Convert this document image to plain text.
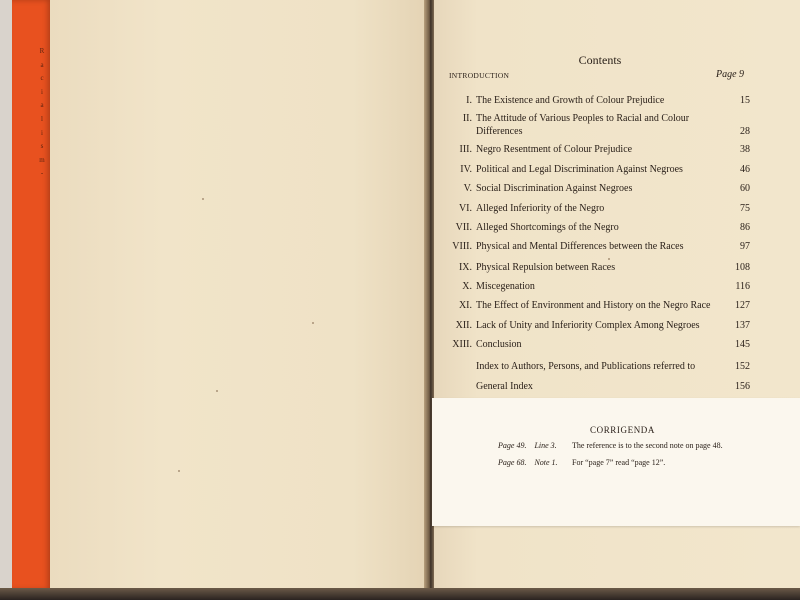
R
a
c
i
a
l
i
s
m
-
Contents
INTRODUCTION	Page 9
I. The Existence and Growth of Colour Prejudice	15
II. The Attitude of Various Peoples to Racial and Colour Differences	28
III. Negro Resentment of Colour Prejudice	38
IV. Political and Legal Discrimination Against Negroes	46
V. Social Discrimination Against Negroes	60
VI. Alleged Inferiority of the Negro	75
VII. Alleged Shortcomings of the Negro	86
VIII. Physical and Mental Differences between the Races	97
IX. Physical Repulsion between Races	108
X. Miscegenation	116
XI. The Effect of Environment and History on the Negro Race	127
XII. Lack of Unity and Inferiority Complex Among Negroes	137
XIII. Conclusion	145
Index to Authors, Persons, and Publications referred to	152
General Index	156
CORRIGENDA
Page 49. Line 3. The reference is to the second note on page 48.
Page 68. Note 1. For “page 7” read “page 12”.
